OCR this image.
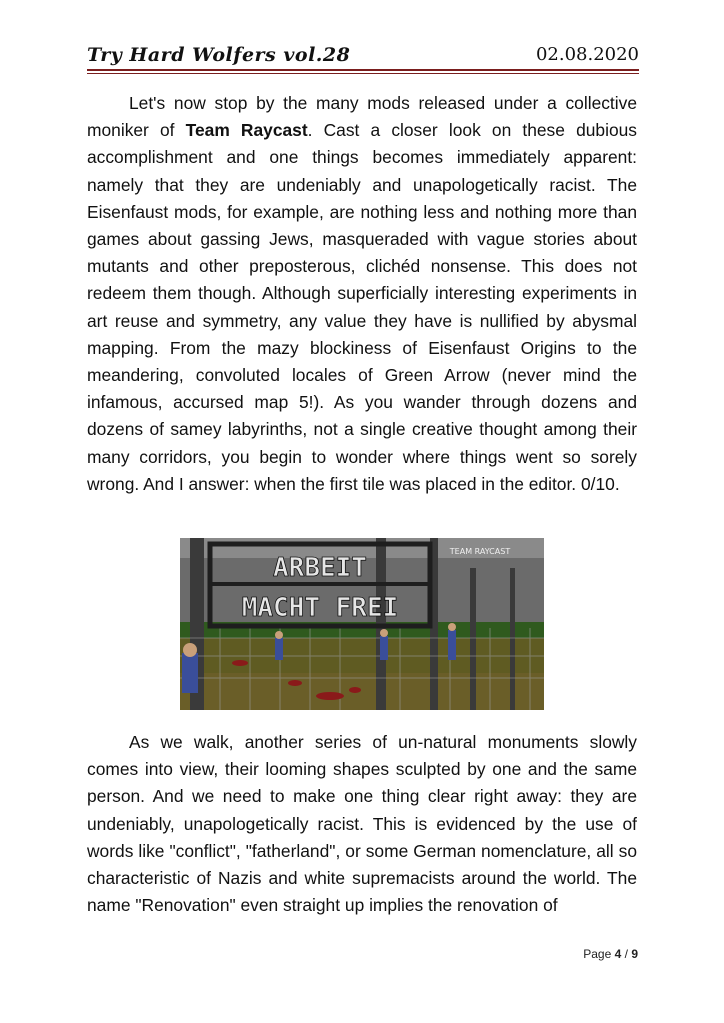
Try Hard Wolfers vol.28	02.08.2020

Let's now stop by the many mods released under a collective moniker of Team Raycast. Cast a closer look on these dubious accomplishment and one things becomes immediately apparent: namely that they are undeniably and unapologetically racist. The Eisenfaust mods, for example, are nothing less and nothing more than games about gassing Jews, masqueraded with vague stories about mutants and other preposterous, clichéd nonsense. This does not redeem them though. Although superficially interesting experiments in art reuse and symmetry, any value they have is nullified by abysmal mapping. From the mazy blockiness of Eisenfaust Origins to the meandering, convoluted locales of Green Arrow (never mind the infamous, accursed map 5!). As you wander through dozens and dozens of samey labyrinths, not a single creative thought among their many corridors, you begin to wonder where things went so sorely wrong. And I answer: when the first tile was placed in the editor. 0/10.

ARBEIT
MACHT FREI
TEAM RAYCAST

As we walk, another series of un-natural monuments slowly comes into view, their looming shapes sculpted by one and the same person. And we need to make one thing clear right away: they are undeniably, unapologetically racist. This is evidenced by the use of words like "conflict", "fatherland", or some German nomenclature, all so characteristic of Nazis and white supremacists around the world. The name "Renovation" even straight up implies the renovation of

Page 4 / 9
